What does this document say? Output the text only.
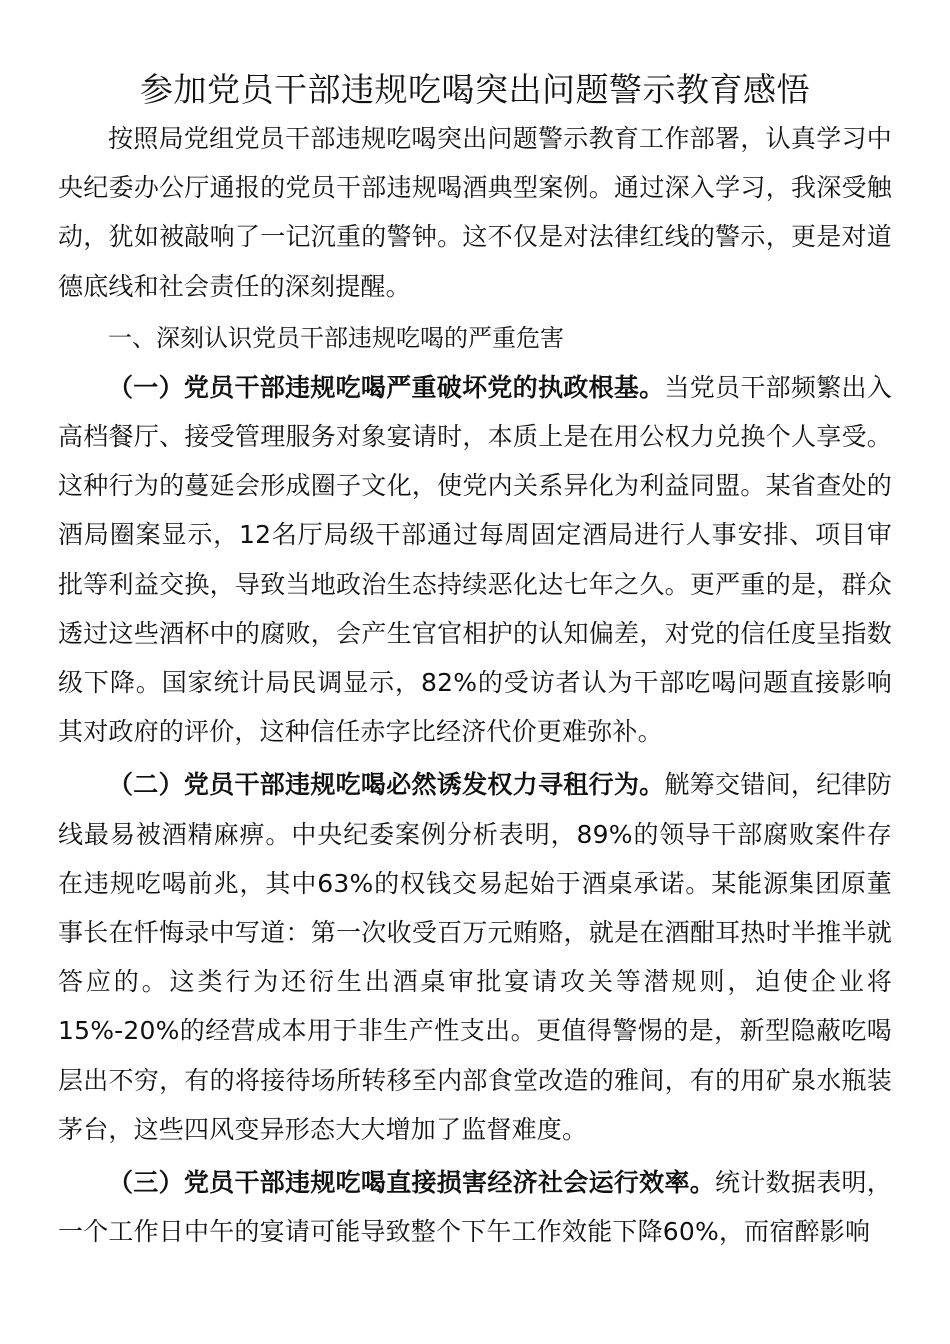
参加党员干部违规吃喝突出问题警示教育感悟

按照局党组党员干部违规吃喝突出问题警示教育工作部署，认真学习中央纪委办公厅通报的党员干部违规喝酒典型案例。通过深入学习，我深受触动，犹如被敲响了一记沉重的警钟。这不仅是对法律红线的警示，更是对道德底线和社会责任的深刻提醒。

一、深刻认识党员干部违规吃喝的严重危害

（一）党员干部违规吃喝严重破坏党的执政根基。当党员干部频繁出入高档餐厅、接受管理服务对象宴请时，本质上是在用公权力兑换个人享受。这种行为的蔓延会形成圈子文化，使党内关系异化为利益同盟。某省查处的酒局圈案显示，12名厅局级干部通过每周固定酒局进行人事安排、项目审批等利益交换，导致当地政治生态持续恶化达七年之久。更严重的是，群众透过这些酒杯中的腐败，会产生官官相护的认知偏差，对党的信任度呈指数级下降。国家统计局民调显示，82%的受访者认为干部吃喝问题直接影响其对政府的评价，这种信任赤字比经济代价更难弥补。

（二）党员干部违规吃喝必然诱发权力寻租行为。觥筹交错间，纪律防线最易被酒精麻痹。中央纪委案例分析表明，89%的领导干部腐败案件存在违规吃喝前兆，其中63%的权钱交易起始于酒桌承诺。某能源集团原董事长在忏悔录中写道：第一次收受百万元贿赂，就是在酒酣耳热时半推半就答应的。这类行为还衍生出酒桌审批宴请攻关等潜规则，迫使企业将15%-20%的经营成本用于非生产性支出。更值得警惕的是，新型隐蔽吃喝层出不穷，有的将接待场所转移至内部食堂改造的雅间，有的用矿泉水瓶装茅台，这些四风变异形态大大增加了监督难度。

（三）党员干部违规吃喝直接损害经济社会运行效率。统计数据表明，一个工作日中午的宴请可能导致整个下午工作效能下降60%，而宿醉影响
